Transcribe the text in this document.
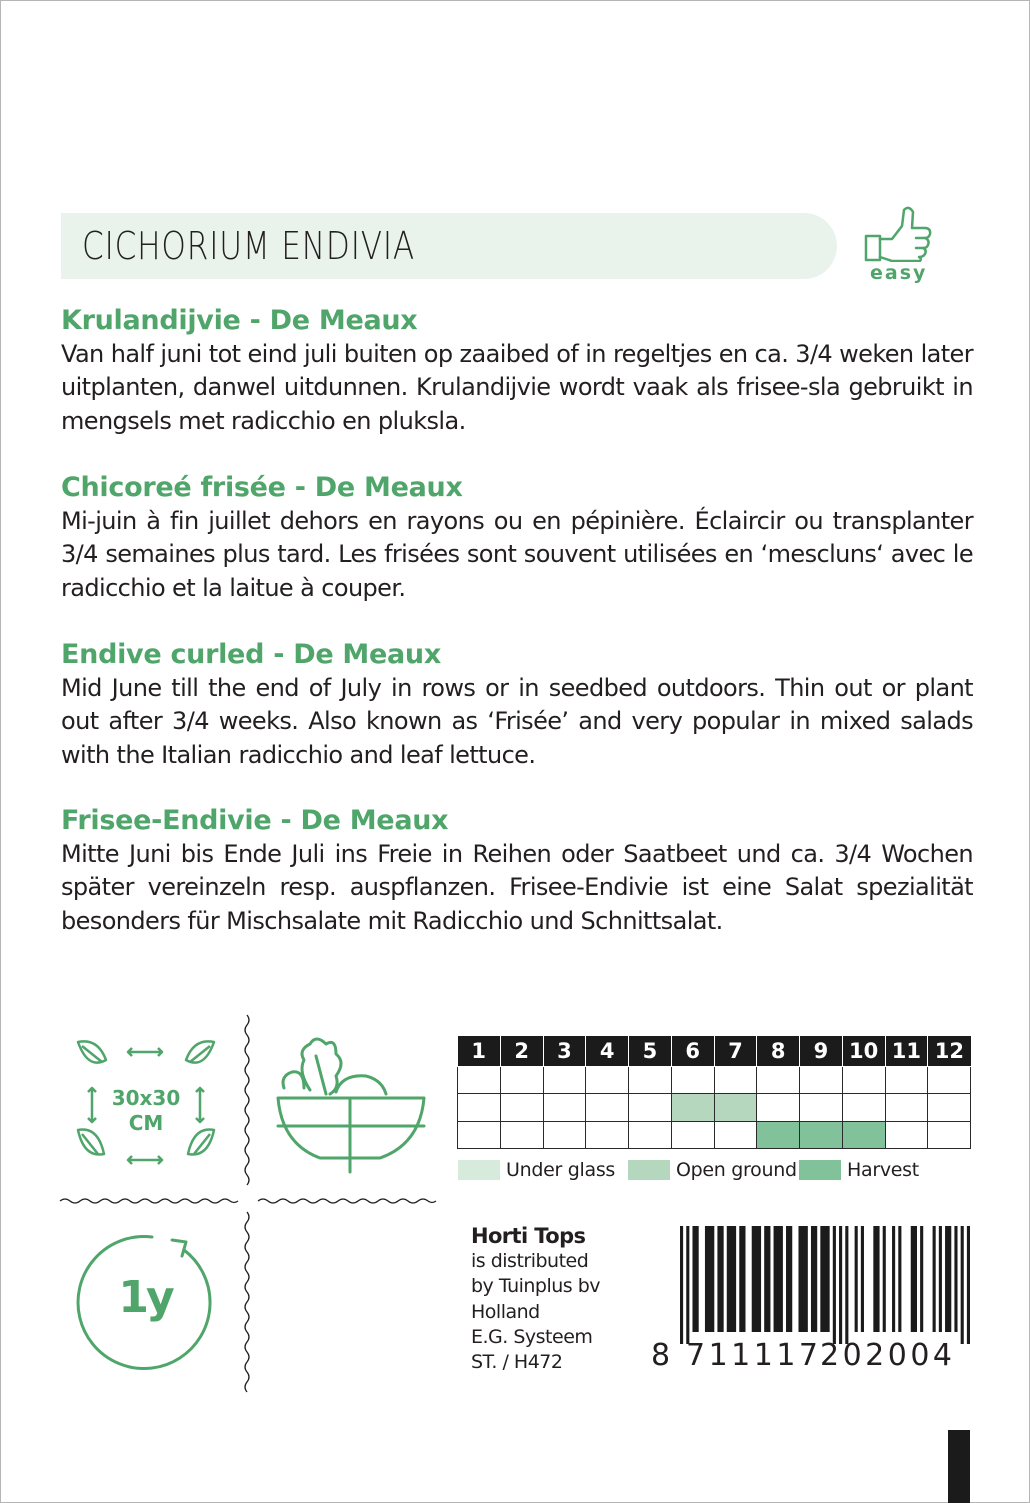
CICHORIUM ENDIVIA
easy
Krulandijvie - De Meaux
Van half juni tot eind juli buiten op zaaibed of in regeltjes en ca. 3/4 weken later uitplanten, danwel uitdunnen. Krulandijvie wordt vaak als frisee-sla gebruikt in mengsels met radicchio en pluksla.
Chicoreé frisée - De Meaux
Mi-juin à fin juillet dehors en rayons ou en pépinière. Éclaircir ou transplanter 3/4 semaines plus tard. Les frisées sont souvent utilisées en ‘mescluns‘ avec le radicchio et la laitue à couper.
Endive curled - De Meaux
Mid June till the end of July in rows or in seedbed outdoors. Thin out or plant out after 3/4 weeks. Also known as ‘Frisée’ and very popular in mixed salads with the Italian radicchio and leaf lettuce.
Frisee-Endivie - De Meaux
Mitte Juni bis Ende Juli ins Freie in Reihen oder Saatbeet und ca. 3/4 Wochen später vereinzeln resp. auspflanzen. Frisee-Endivie ist eine Salat spezialität besonders für Mischsalate mit Radicchio und Schnittsalat.
30x30
CM
1y
1	2	3	4	5	6	7	8	9	10	11	12

Under glass	Open ground	Harvest
Horti Tops
is distributed
by Tuinplus bv
Holland
E.G. Systeem
ST. / H472	8 711117
202004
